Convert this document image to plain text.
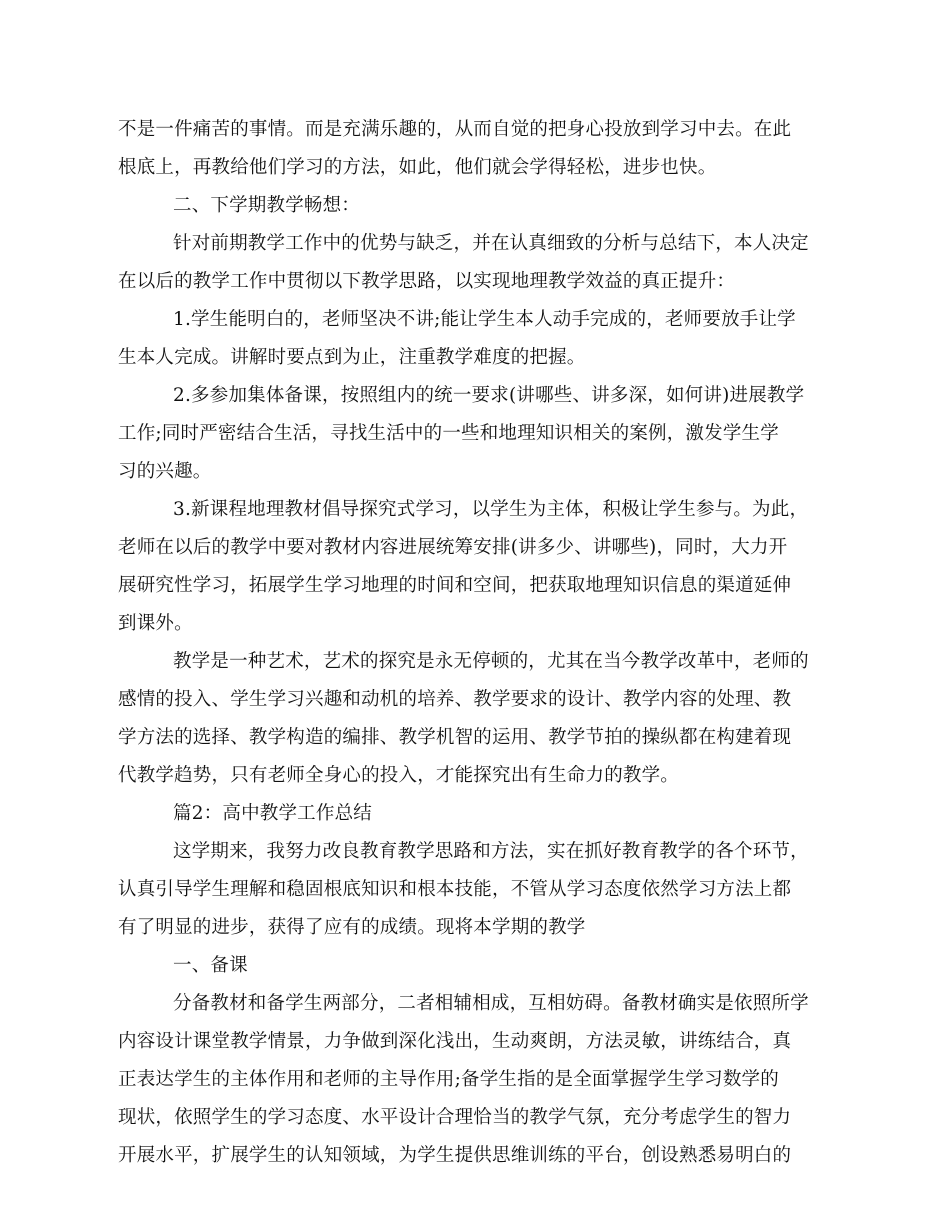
不是一件痛苦的事情。而是充满乐趣的，从而自觉的把身心投放到学习中去。在此
根底上，再教给他们学习的方法，如此，他们就会学得轻松，进步也快。
二、下学期教学畅想：
针对前期教学工作中的优势与缺乏，并在认真细致的分析与总结下，本人决定
在以后的教学工作中贯彻以下教学思路，以实现地理教学效益的真正提升：
1.学生能明白的，老师坚决不讲;能让学生本人动手完成的，老师要放手让学
生本人完成。讲解时要点到为止，注重教学难度的把握。
2.多参加集体备课，按照组内的统一要求(讲哪些、讲多深，如何讲)进展教学
工作;同时严密结合生活，寻找生活中的一些和地理知识相关的案例，激发学生学
习的兴趣。
3.新课程地理教材倡导探究式学习，以学生为主体，积极让学生参与。为此，
老师在以后的教学中要对教材内容进展统筹安排(讲多少、讲哪些)，同时，大力开
展研究性学习，拓展学生学习地理的时间和空间，把获取地理知识信息的渠道延伸
到课外。
教学是一种艺术，艺术的探究是永无停顿的，尤其在当今教学改革中，老师的
感情的投入、学生学习兴趣和动机的培养、教学要求的设计、教学内容的处理、教
学方法的选择、教学构造的编排、教学机智的运用、教学节拍的操纵都在构建着现
代教学趋势，只有老师全身心的投入，才能探究出有生命力的教学。
篇2：高中教学工作总结
这学期来，我努力改良教育教学思路和方法，实在抓好教育教学的各个环节，
认真引导学生理解和稳固根底知识和根本技能，不管从学习态度依然学习方法上都
有了明显的进步，获得了应有的成绩。现将本学期的教学
一、备课
分备教材和备学生两部分，二者相辅相成，互相妨碍。备教材确实是依照所学
内容设计课堂教学情景，力争做到深化浅出，生动爽朗，方法灵敏，讲练结合，真
正表达学生的主体作用和老师的主导作用;备学生指的是全面掌握学生学习数学的
现状，依照学生的学习态度、水平设计合理恰当的教学气氛，充分考虑学生的智力
开展水平，扩展学生的认知领域，为学生提供思维训练的平台，创设熟悉易明白的
